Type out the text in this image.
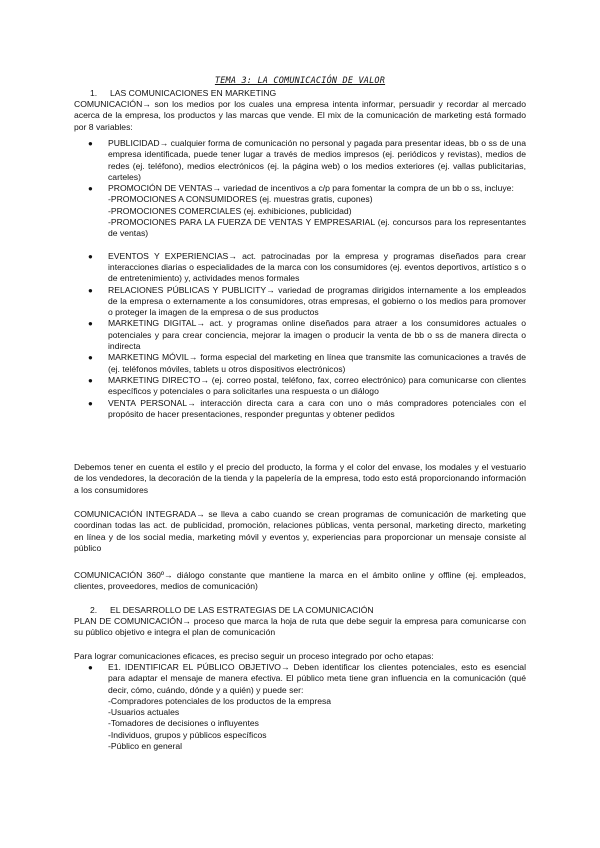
TEMA 3: LA COMUNICACIÓN DE VALOR
1. LAS COMUNICACIONES EN MARKETING
COMUNICACIÓN→ son los medios por los cuales una empresa intenta informar, persuadir y recordar al mercado acerca de la empresa, los productos y las marcas que vende. El mix de la comunicación de marketing está formado por 8 variables:
● PUBLICIDAD→ cualquier forma de comunicación no personal y pagada para presentar ideas, bb o ss de una empresa identificada, puede tener lugar a través de medios impresos (ej. periódicos y revistas), medios de redes (ej. teléfono), medios electrónicos (ej. la página web) o los medios exteriores (ej. vallas publicitarias, carteles)
● PROMOCIÓN DE VENTAS→ variedad de incentivos a c/p para fomentar la compra de un bb o ss, incluye:
-PROMOCIONES A CONSUMIDORES (ej. muestras gratis, cupones)
-PROMOCIONES COMERCIALES (ej. exhibiciones, publicidad)
-PROMOCIONES PARA LA FUERZA DE VENTAS Y EMPRESARIAL (ej. concursos para los representantes de ventas)
● EVENTOS Y EXPERIENCIAS→ act. patrocinadas por la empresa y programas diseñados para crear interacciones diarias o especialidades de la marca con los consumidores (ej. eventos deportivos, artístico s o de entretenimiento) y, actividades menos formales
● RELACIONES PÚBLICAS Y PUBLICITY→ variedad de programas dirigidos internamente a los empleados de la empresa o externamente a los consumidores, otras empresas, el gobierno o los medios para promover o proteger la imagen de la empresa o de sus productos
● MARKETING DIGITAL→ act. y programas online diseñados para atraer a los consumidores actuales o potenciales y para crear conciencia, mejorar la imagen o producir la venta de bb o ss de manera directa o indirecta
● MARKETING MÓVIL→ forma especial del marketing en línea que transmite las comunicaciones a través de (ej. teléfonos móviles, tablets u otros dispositivos electrónicos)
● MARKETING DIRECTO→ (ej. correo postal, teléfono, fax, correo electrónico) para comunicarse con clientes específicos y potenciales o para solicitarles una respuesta o un diálogo
● VENTA PERSONAL→ interacción directa cara a cara con uno o más compradores potenciales con el propósito de hacer presentaciones, responder preguntas y obtener pedidos
Debemos tener en cuenta el estilo y el precio del producto, la forma y el color del envase, los modales y el vestuario de los vendedores, la decoración de la tienda y la papelería de la empresa, todo esto está proporcionando información a los consumidores
COMUNICACIÓN INTEGRADA→ se lleva a cabo cuando se crean programas de comunicación de marketing que coordinan todas las act. de publicidad, promoción, relaciones públicas, venta personal, marketing directo, marketing en línea y de los social media, marketing móvil y eventos y, experiencias para proporcionar un mensaje consiste al público
COMUNICACIÓN 360º→ diálogo constante que mantiene la marca en el ámbito online y offline (ej. empleados, clientes, proveedores, medios de comunicación)
2. EL DESARROLLO DE LAS ESTRATEGIAS DE LA COMUNICACIÓN
PLAN DE COMUNICACIÓN→ proceso que marca la hoja de ruta que debe seguir la empresa para comunicarse con su público objetivo e integra el plan de comunicación
Para lograr comunicaciones eficaces, es preciso seguir un proceso integrado por ocho etapas:
● E1. IDENTIFICAR EL PÚBLICO OBJETIVO→ Deben identificar los clientes potenciales, esto es esencial para adaptar el mensaje de manera efectiva. El público meta tiene gran influencia en la comunicación (qué decir, cómo, cuándo, dónde y a quién) y puede ser:
-Compradores potenciales de los productos de la empresa
-Usuarios actuales
-Tomadores de decisiones o influyentes
-Individuos, grupos y públicos específicos
-Público en general
